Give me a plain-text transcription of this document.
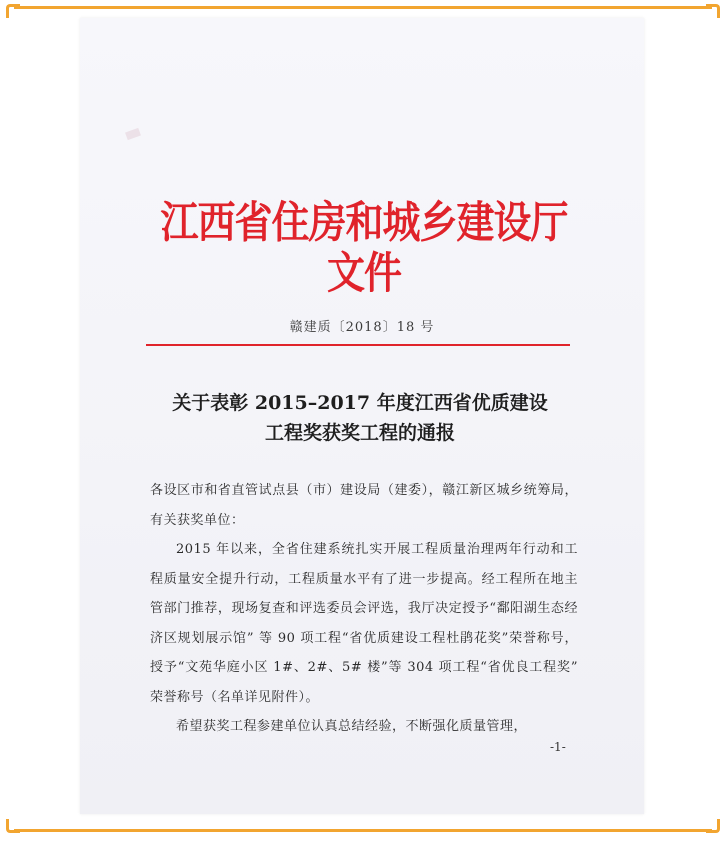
江西省住房和城乡建设厅文件
赣建质〔2018〕18 号
关于表彰 2015–2017 年度江西省优质建设
工程奖获奖工程的通报

各设区市和省直管试点县（市）建设局（建委），赣江新区城乡统筹局，有关获奖单位：

2015 年以来，全省住建系统扎实开展工程质量治理两年行动和工程质量安全提升行动，工程质量水平有了进一步提高。经工程所在地主管部门推荐，现场复查和评选委员会评选，我厅决定授予“鄱阳湖生态经济区规划展示馆” 等 90 项工程“省优质建设工程杜鹃花奖”荣誉称号，授予“文苑华庭小区 1#、2#、5# 楼”等 304 项工程“省优良工程奖” 荣誉称号（名单详见附件）。

希望获奖工程参建单位认真总结经验，不断强化质量管理，

-1-
